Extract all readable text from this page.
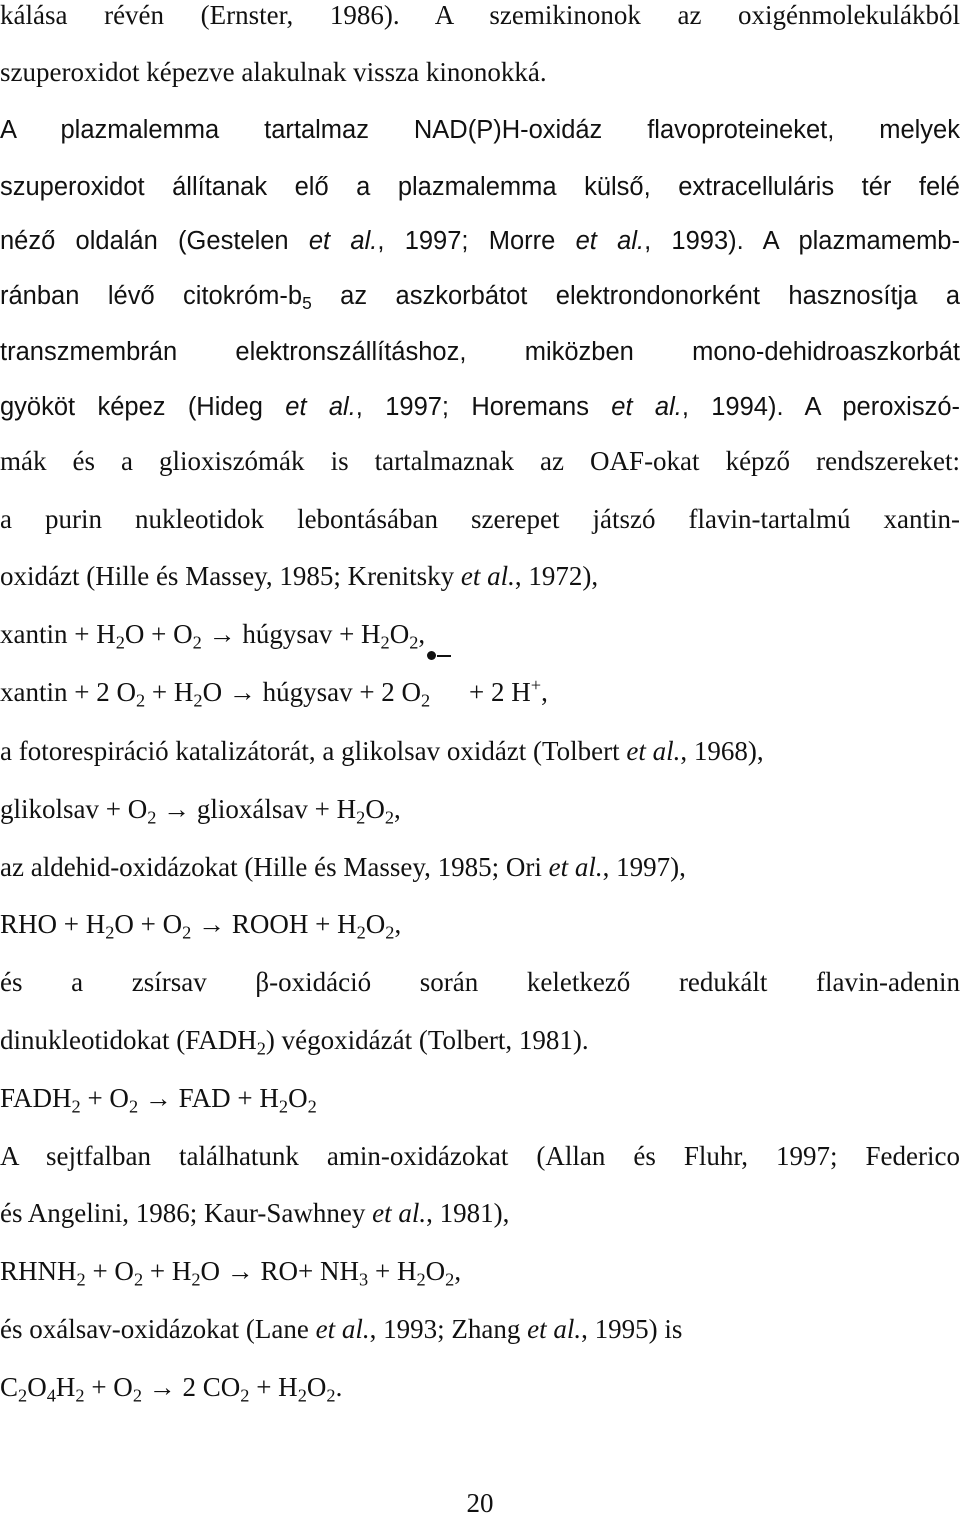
kálása révén (Ernster, 1986). A szemikinonok az oxigénmolekulákból
szuperoxidot képezve alakulnak vissza kinonokká.
A plazmalemma tartalmaz NAD(P)H-oxidáz flavoproteineket, melyek
szuperoxidot állítanak elő a plazmalemma külső, extracelluláris tér felé
néző oldalán (Gestelen et al., 1997; Morre et al., 1993). A plazmamemb-
ránban lévő citokróm-$b_5$ az aszkorbátot elektrondonorként hasznosítja a
transzmembrán elektronszállításhoz, miközben mono-dehidroaszkorbát
gyököt képez (Hideg et al., 1997; Horemans et al., 1994). A peroxiszó-
mák és a glioxiszómák is tartalmaznak az OAF-okat képző rendszereket:
a purin nukleotidok lebontásában szerepet játszó flavin-tartalmú xantin-
oxidázt (Hille és Massey, 1985; Krenitsky et al., 1972),
xantin + $H_2O + O_2$ → húgysav + $H_2O_2$,
xantin + 2 $O_2 + H_2O$ → húgysav + 2 $O_2$
+ 2 H+,
a fotorespiráció katalizátorát, a glikolsav oxidázt (Tolbert et al., 1968),
glikolsav + $O_2$ → glioxálsav + $H_2O_2$,
az aldehid-oxidázokat (Hille és Massey, 1985; Ori et al., 1997),
RHO + $H_2O + O_2$ → ROOH + $H_2O_2$,
és a zsírsav β-oxidáció során keletkező redukált flavin-adenin
dinukleotidokat $(FADH_2)$ végoxidázát (Tolbert, 1981).
$FADH_2 + O_2$ → FAD + $H_2O_2$
A sejtfalban találhatunk amin-oxidázokat (Allan és Fluhr, 1997; Federico
és Angelini, 1986; Kaur-Sawhney et al., 1981),
$RHNH_2 + O_2 + H_2O \to RO+ NH_3 + H_2O_2$,
és oxálsav-oxidázokat (Lane et al., 1993; Zhang et al., 1995) is
$C_2O_4H_2 + O_2 \to 2$ $CO_2 + H_2O_2$.
20
